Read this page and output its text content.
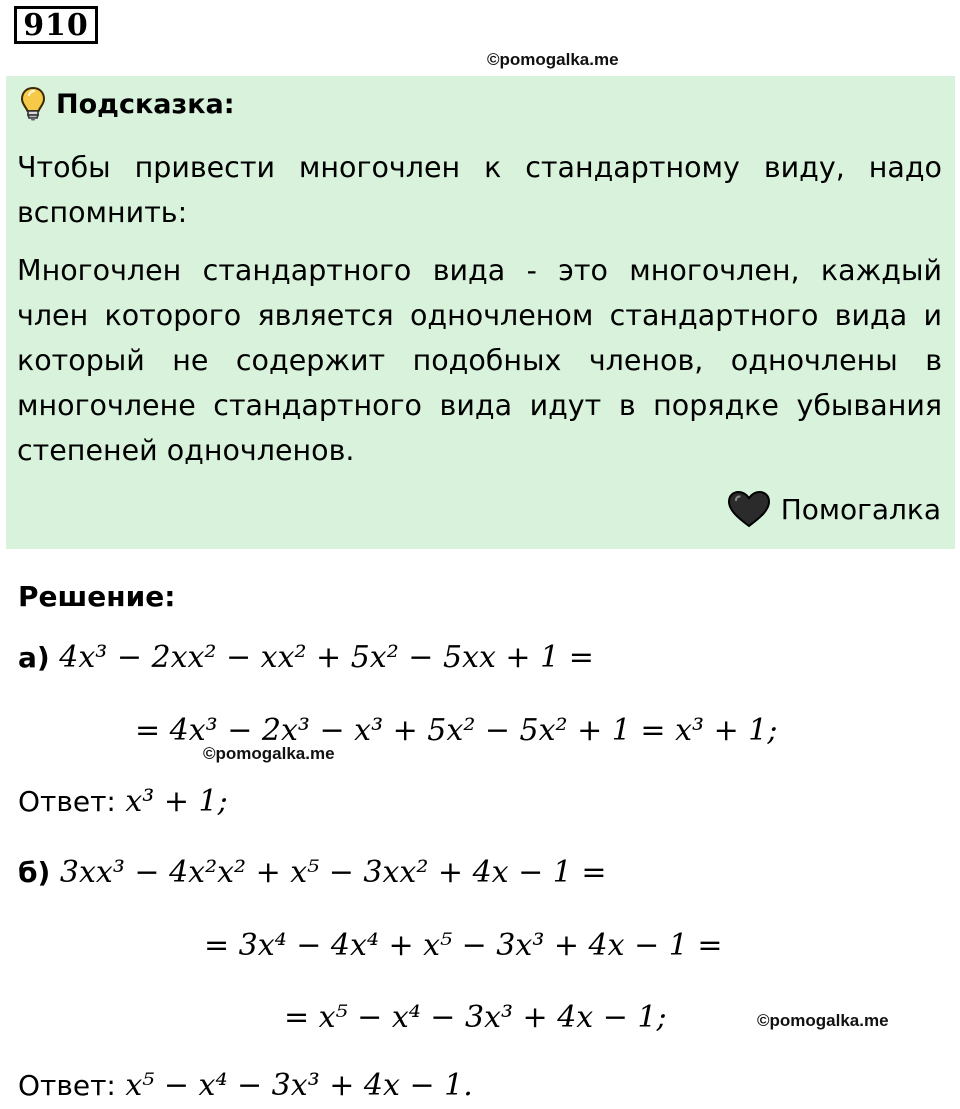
910
©pomogalka.me
Подсказка:
Чтобы привести многочлен к стандартному виду, надо вспомнить:
Многочлен стандартного вида - это многочлен, каждый член которого является одночленом стандартного вида и который не содержит подобных членов, одночлены в многочлене стандартного вида идут в порядке убывания степеней одночленов.
Помогалка
Решение:
а) 4x³ − 2xx² − xx² + 5x² − 5xx + 1 =
= 4x³ − 2x³ − x³ + 5x² − 5x² + 1 = x³ + 1;
©pomogalka.me
Ответ: x³ + 1;
б) 3xx³ − 4x²x² + x⁵ − 3xx² + 4x − 1 =
= 3x⁴ − 4x⁴ + x⁵ − 3x³ + 4x − 1 =
= x⁵ − x⁴ − 3x³ + 4x − 1;	©pomogalka.me
Ответ: x⁵ − x⁴ − 3x³ + 4x − 1.
